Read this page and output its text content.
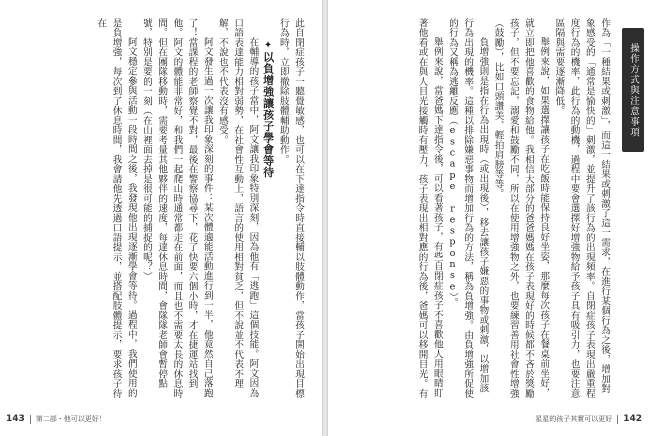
此自閉症孩子一聽覺敏感，也可以在下達指令時直接輔以肢體動作，當孩子開始出現目標行為時，立即撤除肢體輔助動作。

✦以負增強讓孩子學會等待

在輔導的孩子當中，阿文讓我印象特別深刻，因為他有「逃跑」這個技能。阿文因為口語表達能力相對弱勢，在社會性互動上，語言的使用相對貧乏，但不說並不代表不理解，不說也不代表沒有感受。

阿文發生過一次讓我印象深刻的事件：某次體適能活動進行到一半，他竟然自己落跑了！當課程的老師察覺不對，最後在警察協尋下，花了快要六個小時，才在捷運站找到他。阿文的體能非常好，和我們一起爬山時通常都走在前面，而且也不需要太長的休息時間。但在團隊移動時，需要考量其他夥伴的速度，每達休息時間，會隊隊老師會暫停點號，特別是要的一刻（在山裡面去掉是很可能的捕捉的呢？）

阿文穩定參與活動一段時間之後，我發現他出現逐漸學會等待。過程中，我們使用的是負增強，每次到了休息時間，我會請他先透過口語提示，並搭配肢體提示，要求孩子待在

143 第二部・他可以更好！
操作方式與注意事項

作為「一種結果或刺激」，而這一結果或刺激了這一需求，在進行某個行為之後，增加對象感受的「通常是愉快的」刺激，並提升了該行為的出現頻率。自閉症孩子表現出嚴重程度行為的機率，此行為的動機，過程中要會選擇好增強物給予孩子具有吸引力，也要注意區隔與需要逐漸降低。

舉例來說，如果選擇讓孩子在吃飯時能保持良好坐姿，那麼每次孩子在餐桌前坐好，就立即把他喜歡的食物給他。我相信大部分的爸爸媽媽在孩子表現好的時候都不吝於獎勵孩子，但不要忘記，溺愛和鼓勵不同，所以在使用增強物之外，也要練習善用社會性增強（鼓勵），比如口頭讚美、輕拍肩膀等等。

負增強則是指在行為出現時（或出現後），移去讓孩子嫌惡的事物或刺激，以增加該行為出現的機率。這種以排除嫌惡事物而增加行為的方法，稱為負增強。由負增強所促使的行為又稱為逃離反應（escape response）。

舉例來說，當爸媽下達指令後，可以看著孩子，有些自閉症孩子不喜歡他人用眼睛盯著他看或在與人目光接觸時有壓力，孩子表現出相對應的行為後，爸媽可以移開目光。有

星星的孩子其實可以更好 142
